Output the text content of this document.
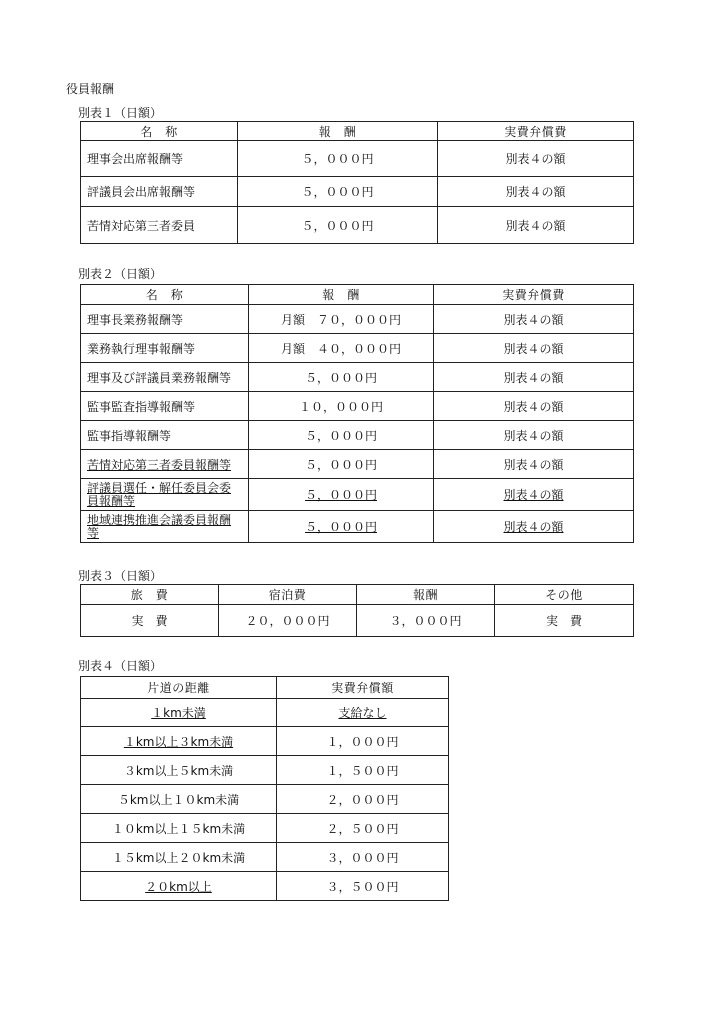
役員報酬
別表１（日額）
名　称	報　酬	実費弁償費
理事会出席報酬等	５，０００円	別表４の額
評議員会出席報酬等	５，０００円	別表４の額
苦情対応第三者委員	５，０００円	別表４の額
別表２（日額）
名　称	報　酬	実費弁償費
理事長業務報酬等	月額　７０，０００円	別表４の額
業務執行理事報酬等	月額　４０，０００円	別表４の額
理事及び評議員業務報酬等	５，０００円	別表４の額
監事監査指導報酬等	１０，０００円	別表４の額
監事指導報酬等	５，０００円	別表４の額
苦情対応第三者委員報酬等	５，０００円	別表４の額
評議員選任・解任委員会委員報酬等	５，０００円	別表４の額
地域連携推進会議委員報酬等	５，０００円	別表４の額
別表３（日額）
旅　費	宿泊費	報酬	その他
実　費	２０，０００円	３，０００円	実　費
別表４（日額）
片道の距離	実費弁償額
１km未満	支給なし
１km以上３km未満	１，０００円
３km以上５km未満	１，５００円
５km以上１０km未満	２，０００円
１０km以上１５km未満	２，５００円
１５km以上２０km未満	３，０００円
２０km以上	３，５００円
